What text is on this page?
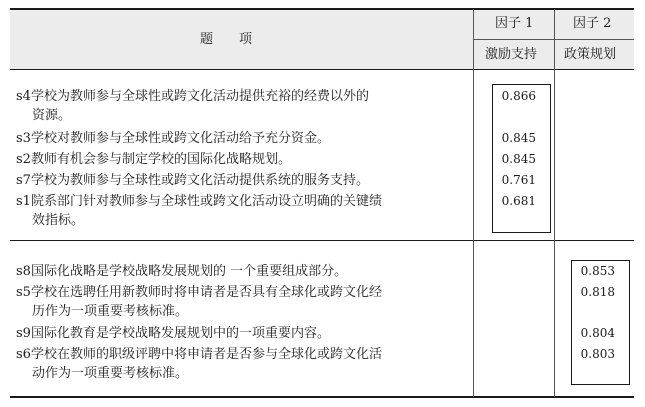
题　　项
因子 1
激励支持
因子 2
政策规划
s4学校为教师参与全球性或跨文化活动提供充裕的经费以外的
资源。
s3学校对教师参与全球性或跨文化活动给予充分资金。
s2教师有机会参与制定学校的国际化战略规划。
s7学校为教师参与全球性或跨文化活动提供系统的服务支持。
s1院系部门针对教师参与全球性或跨文化活动设立明确的关键绩
效指标。
0.866
0.845
0.845
0.761
0.681
s8国际化战略是学校战略发展规划的 一个重要组成部分。
s5学校在选聘任用新教师时将申请者是否具有全球化或跨文化经
历作为一项重要考核标准。
s9国际化教育是学校战略发展规划中的一项重要内容。
s6学校在教师的职级评聘中将申请者是否参与全球化或跨文化活
动作为一项重要考核标准。
0.853
0.818
0.804
0.803
